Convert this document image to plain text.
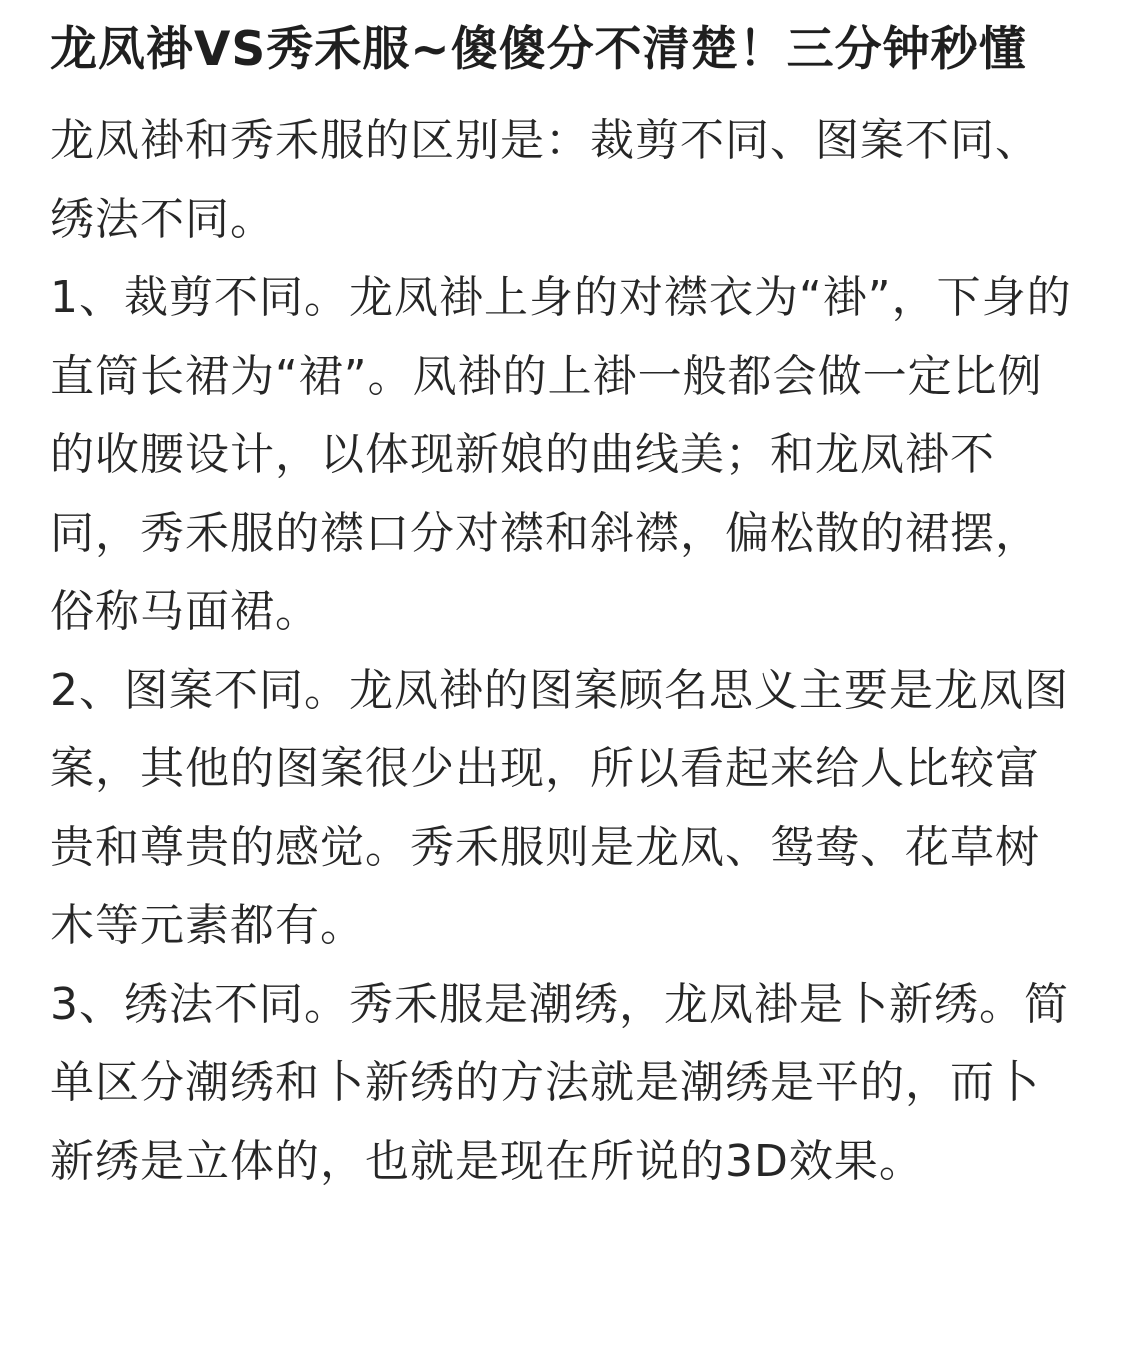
龙凤褂VS秀禾服~傻傻分不清楚！三分钟秒懂

龙凤褂和秀禾服的区别是：裁剪不同、图案不同、绣法不同。

1、裁剪不同。龙凤褂上身的对襟衣为“褂”，下身的直筒长裙为“裙”。凤褂的上褂一般都会做一定比例的收腰设计，以体现新娘的曲线美；和龙凤褂不同，秀禾服的襟口分对襟和斜襟，偏松散的裙摆，俗称马面裙。

2、图案不同。龙凤褂的图案顾名思义主要是龙凤图案，其他的图案很少出现，所以看起来给人比较富贵和尊贵的感觉。秀禾服则是龙凤、鸳鸯、花草树木等元素都有。

3、绣法不同。秀禾服是潮绣，龙凤褂是卜新绣。简单区分潮绣和卜新绣的方法就是潮绣是平的，而卜新绣是立体的，也就是现在所说的3D效果。
